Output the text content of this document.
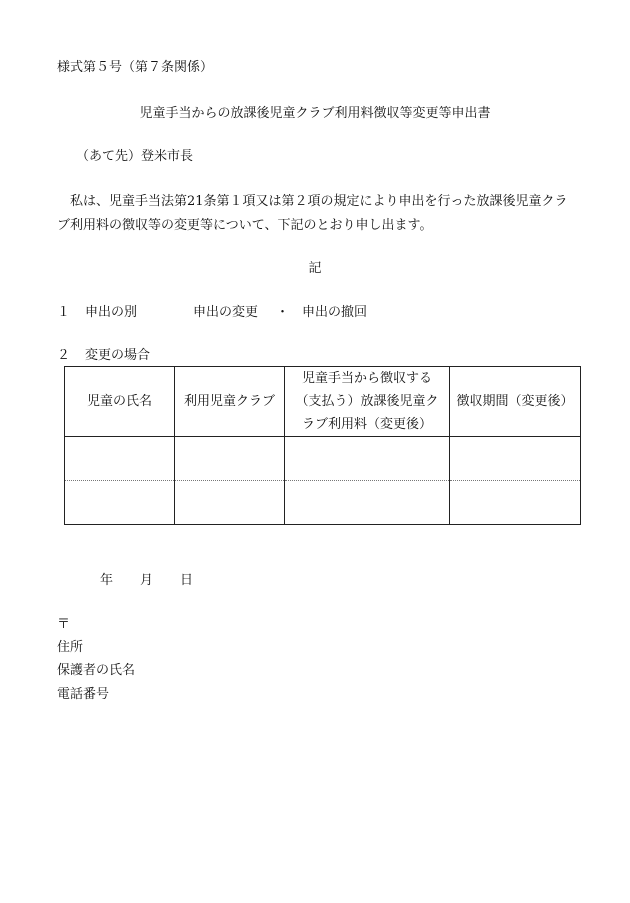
様式第５号（第７条関係）
児童手当からの放課後児童クラブ利用料徴収等変更等申出書
（あて先）登米市長
私は、児童手当法第21条第１項又は第２項の規定により申出を行った放課後児童クラブ利用料の徴収等の変更等について、下記のとおり申し出ます。
記
１ 申出の別	申出の変更 ・ 申出の撤回
２ 変更の場合
児童の氏名	利用児童クラブ	児童手当から徴収する
（支払う）放課後児童ク
ラブ利用料（変更後）	徴収期間（変更後）

年 月 日
〒
住所
保護者の氏名
電話番号
